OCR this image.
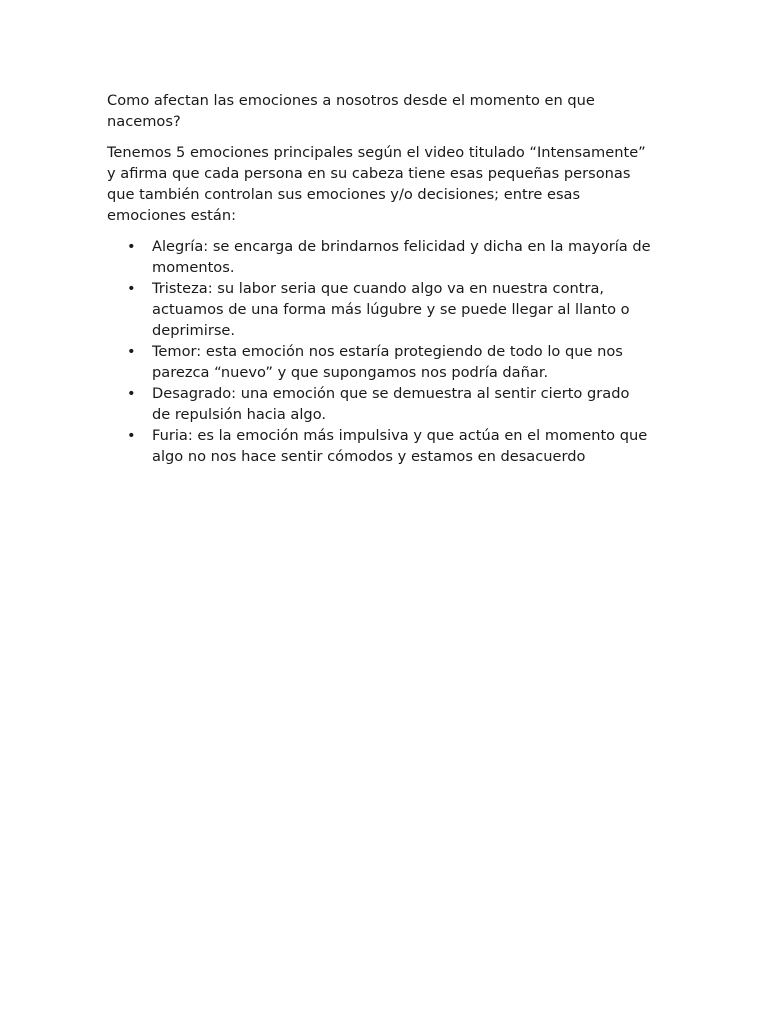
Como afectan las emociones a nosotros desde el momento en que nacemos?

Tenemos 5 emociones principales según el video titulado “Intensamente” y afirma que cada persona en su cabeza tiene esas pequeñas personas que también controlan sus emociones y/o decisiones; entre esas emociones están:

• Alegría: se encarga de brindarnos felicidad y dicha en la mayoría de momentos.
• Tristeza: su labor seria que cuando algo va en nuestra contra, actuamos de una forma más lúgubre y se puede llegar al llanto o deprimirse.
• Temor: esta emoción nos estaría protegiendo de todo lo que nos parezca “nuevo” y que supongamos nos podría dañar.
• Desagrado: una emoción que se demuestra al sentir cierto grado de repulsión hacia algo.
• Furia: es la emoción más impulsiva y que actúa en el momento que algo no nos hace sentir cómodos y estamos en desacuerdo
